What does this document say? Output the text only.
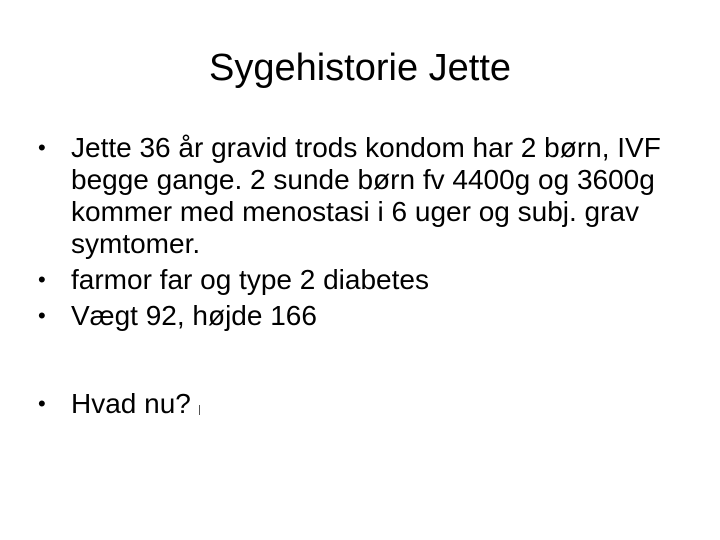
Sygehistorie Jette
• Jette 36 år gravid trods kondom har 2 børn, IVF begge gange. 2 sunde børn fv 4400g og 3600g kommer med menostasi i 6 uger og subj. grav symtomer.
• farmor far og type 2 diabetes
• Vægt 92, højde 166
• Hvad nu?
